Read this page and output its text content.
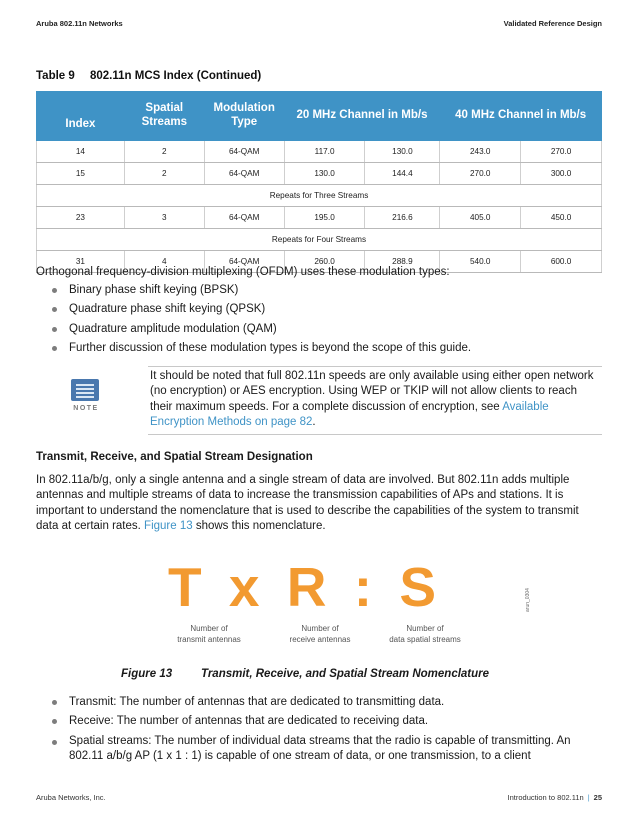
Aruba 802.11n Networks	Validated Reference Design
Table 9 802.11n MCS Index (Continued)
Index	Spatial Streams	Modulation Type	20 MHz Channel in Mb/s		40 MHz Channel in Mb/s	
14	2	64-QAM	117.0	130.0	243.0	270.0
15	2	64-QAM	130.0	144.4	270.0	300.0
Repeats for Three Streams						
23	3	64-QAM	195.0	216.6	405.0	450.0
Repeats for Four Streams						
31	4	64-QAM	260.0	288.9	540.0	600.0

Orthogonal frequency-division multiplexing (OFDM) uses these modulation types:

Binary phase shift keying (BPSK)
Quadrature phase shift keying (QPSK)
Quadrature amplitude modulation (QAM)
Further discussion of these modulation types is beyond the scope of this guide.
NOTE

It should be noted that full 802.11n speeds are only available using either open network (no encryption) or AES encryption. Using WEP or TKIP will not allow clients to reach their maximum speeds. For a complete discussion of encryption, see Available Encryption Methods on page 82.

Transmit, Receive, and Spatial Stream Designation

In 802.11a/b/g, only a single antenna and a single stream of data are involved. But 802.11n adds multiple antennas and multiple streams of data to increase the transmission capabilities of APs and stations. It is important to understand the nomenclature that is used to describe the capabilities of the system to transmit data at certain rates. Figure 13 shows this nomenclature.

T x R : S
Number of
transmit antennas
Number of
receive antennas
Number of
data spatial streams
arun_0304
Figure 13	Transmit, Receive, and Spatial Stream Nomenclature
Transmit: The number of antennas that are dedicated to transmitting data.
Receive: The number of antennas that are dedicated to receiving data.
Spatial streams: The number of individual data streams that the radio is capable of transmitting. An 802.11 a/b/g AP (1 x 1 : 1) is capable of one stream of data, or one transmission, to a client
Aruba Networks, Inc.	Introduction to 802.11n | 25
